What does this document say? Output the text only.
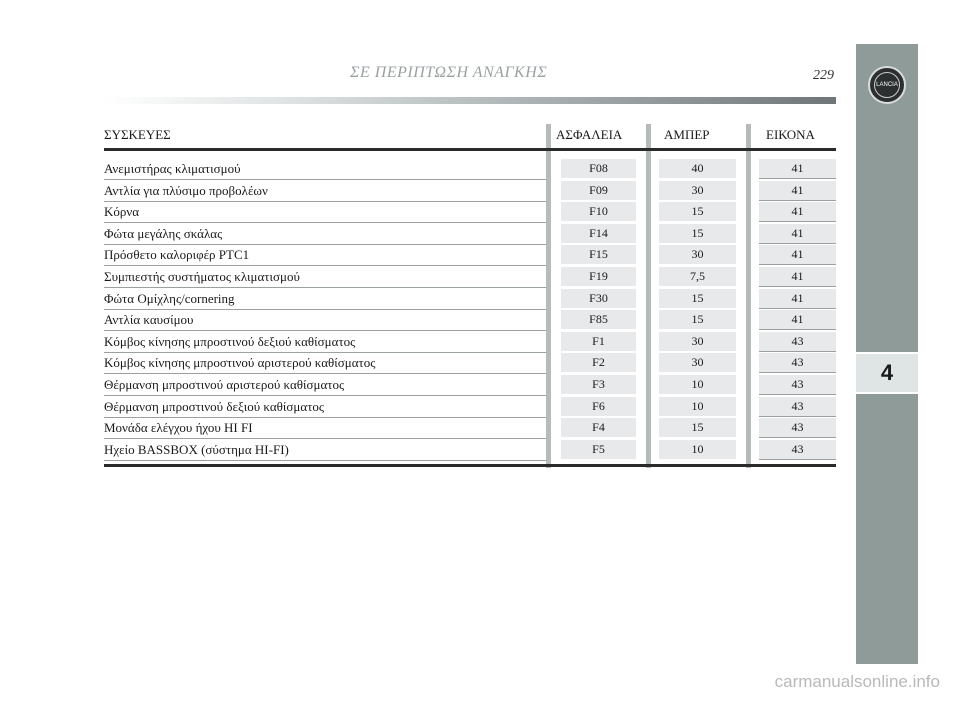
ΣΕ ΠΕΡΙΠΤΩΣΗ ΑΝΑΓΚΗΣ	229
LANCIA
4
ΣΥΣΚΕΥΕΣ	ΑΣΦΑΛΕΙΑ	ΑΜΠΕΡ	ΕΙΚΟΝΑ
Ανεμιστήρας κλιματισμού	F08	40	41
Αντλία για πλύσιμο προβολέων	F09	30	41
Κόρνα	F10	15	41
Φώτα μεγάλης σκάλας	F14	15	41
Πρόσθετο καλοριφέρ PTC1	F15	30	41
Συμπιεστής συστήματος κλιματισμού	F19	7,5	41
Φώτα Ομίχλης/cornering	F30	15	41
Αντλία καυσίμου	F85	15	41
Κόμβος κίνησης μπροστινού δεξιού καθίσματος	F1	30	43
Κόμβος κίνησης μπροστινού αριστερού καθίσματος	F2	30	43
Θέρμανση μπροστινού αριστερού καθίσματος	F3	10	43
Θέρμανση μπροστινού δεξιού καθίσματος	F6	10	43
Μονάδα ελέγχου ήχου HI FI	F4	15	43
Ηχείο BASSBOX (σύστημα HI-FI)	F5	10	43
carmanualsonline.info
